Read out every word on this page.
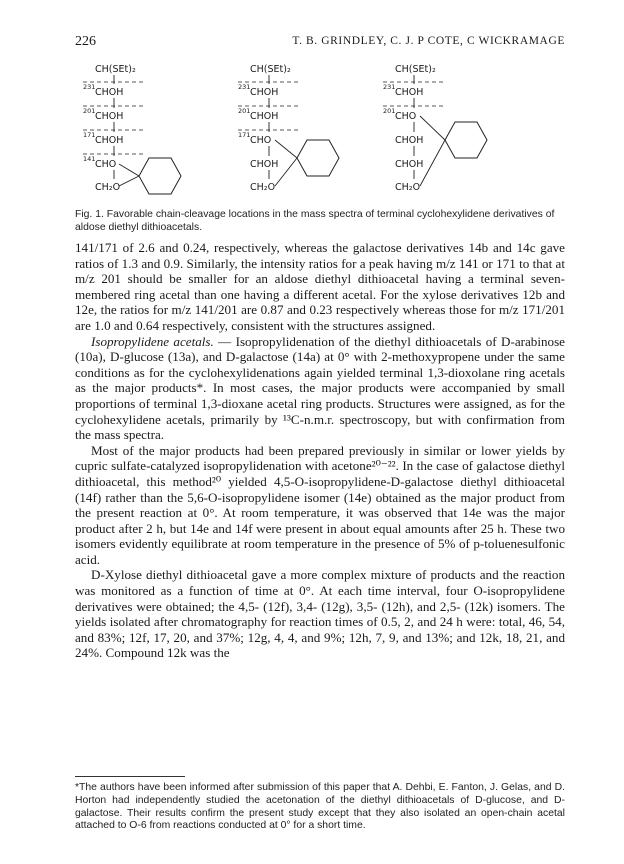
226	T. B. GRINDLEY, C. J. P COTE, C WICKRAMAGE
CH(SEt)₂
CHOH
CHOH
CHOH
CHO
CH₂O
231
201
171
141
CH(SEt)₂
CHOH
CHOH
CHO
CHOH
CH₂O
231
201
171
CH(SEt)₂
CHOH
CHO
CHOH
CHOH
CH₂O
231
201
Fig. 1. Favorable chain-cleavage locations in the mass spectra of terminal cyclohexylidene derivatives of aldose diethyl dithioacetals.

141/171 of 2.6 and 0.24, respectively, whereas the galactose derivatives 14b and 14c gave ratios of 1.3 and 0.9. Similarly, the intensity ratios for a peak having m/z 141 or 171 to that at m/z 201 should be smaller for an aldose diethyl dithioacetal having a terminal seven-membered ring acetal than one having a different acetal. For the xylose derivatives 12b and 12e, the ratios for m/z 141/201 are 0.87 and 0.23 respectively whereas those for m/z 171/201 are 1.0 and 0.64 respectively, consistent with the structures assigned.

Isopropylidene acetals. — Isopropylidenation of the diethyl dithioacetals of D-arabinose (10a), D-glucose (13a), and D-galactose (14a) at 0° with 2-methoxypropene under the same conditions as for the cyclohexylidenations again yielded terminal 1,3-dioxolane ring acetals as the major products*. In most cases, the major products were accompanied by small proportions of terminal 1,3-dioxane acetal ring products. Structures were assigned, as for the cyclohexylidene acetals, primarily by ¹³C-n.m.r. spectroscopy, but with confirmation from the mass spectra.

Most of the major products had been prepared previously in similar or lower yields by cupric sulfate-catalyzed isopropylidenation with acetone²⁰⁻²². In the case of galactose diethyl dithioacetal, this method²⁰ yielded 4,5-O-isopropylidene-D-galactose diethyl dithioacetal (14f) rather than the 5,6-O-isopropylidene isomer (14e) obtained as the major product from the present reaction at 0°. At room temperature, it was observed that 14e was the major product after 2 h, but 14e and 14f were present in about equal amounts after 25 h. These two isomers evidently equilibrate at room temperature in the presence of 5% of p-toluenesulfonic acid.

D-Xylose diethyl dithioacetal gave a more complex mixture of products and the reaction was monitored as a function of time at 0°. At each time interval, four O-isopropylidene derivatives were obtained; the 4,5- (12f), 3,4- (12g), 3,5- (12h), and 2,5- (12k) isomers. The yields isolated after chromatography for reaction times of 0.5, 2, and 24 h were: total, 46, 54, and 83%; 12f, 17, 20, and 37%; 12g, 4, 4, and 9%; 12h, 7, 9, and 13%; and 12k, 18, 21, and 24%. Compound 12k was the

*The authors have been informed after submission of this paper that A. Dehbi, E. Fanton, J. Gelas, and D. Horton had independently studied the acetonation of the diethyl dithioacetals of D-glucose, and D-galactose. Their results confirm the present study except that they also isolated an open-chain acetal attached to O-6 from reactions conducted at 0° for a short time.
